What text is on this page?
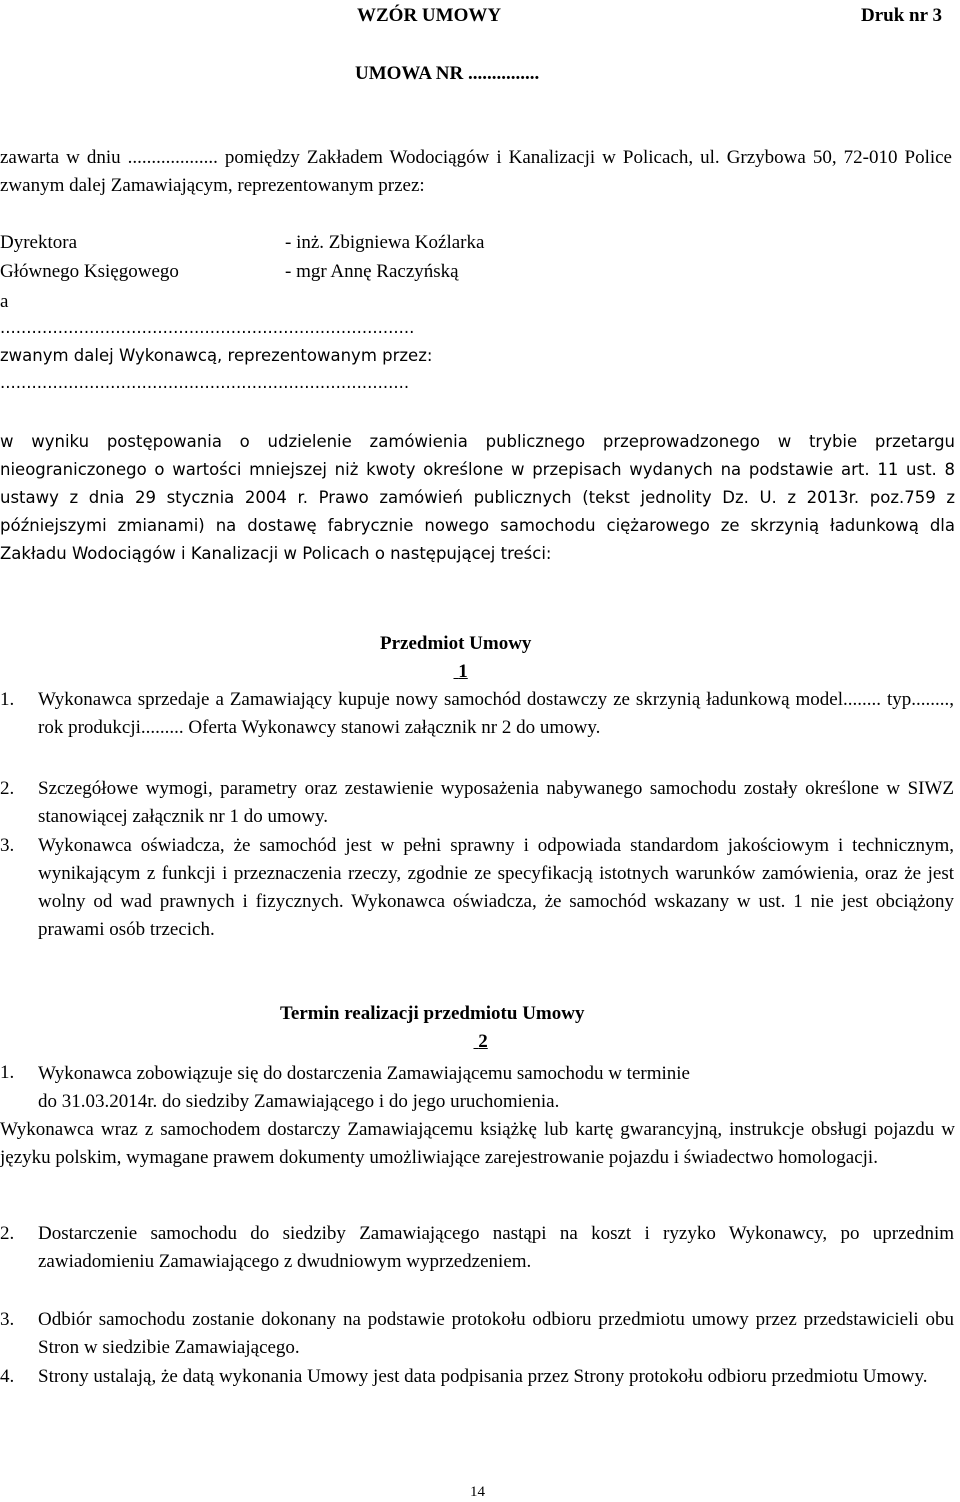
WZÓR UMOWY	Druk nr 3
UMOWA NR ...............
zawarta w dniu ................... pomiędzy Zakładem Wodociągów i Kanalizacji w Policach, ul. Grzybowa 50, 72-010 Police zwanym dalej Zamawiającym, reprezentowanym przez:
Dyrektora	- inż. Zbigniewa Koźlarka
Głównego Księgowego	- mgr Annę Raczyńską
a
...............................................................................
zwanym dalej Wykonawcą, reprezentowanym przez:
..............................................................................
w wyniku postępowania o udzielenie zamówienia publicznego przeprowadzonego w trybie przetargu nieograniczonego o wartości mniejszej niż kwoty określone w przepisach wydanych na podstawie art. 11 ust. 8 ustawy z dnia 29 stycznia 2004 r. Prawo zamówień publicznych (tekst jednolity Dz. U. z 2013r. poz.759 z późniejszymi zmianami) na dostawę fabrycznie nowego samochodu ciężarowego ze skrzynią ładunkową dla Zakładu Wodociągów i Kanalizacji w Policach o następującej treści:
Przedmiot Umowy
1
1. Wykonawca sprzedaje a Zamawiający kupuje nowy samochód dostawczy ze skrzynią ładunkową model........ typ........, rok produkcji......... Oferta Wykonawcy stanowi załącznik nr 2 do umowy.
2. Szczegółowe wymogi, parametry oraz zestawienie wyposażenia nabywanego samochodu zostały określone w SIWZ stanowiącej załącznik nr 1 do umowy.
3. Wykonawca oświadcza, że samochód jest w pełni sprawny i odpowiada standardom jakościowym i technicznym, wynikającym z funkcji i przeznaczenia rzeczy, zgodnie ze specyfikacją istotnych warunków zamówienia, oraz że jest wolny od wad prawnych i fizycznych. Wykonawca oświadcza, że samochód wskazany w ust. 1 nie jest obciążony prawami osób trzecich.
Termin realizacji przedmiotu Umowy
2
1. Wykonawca zobowiązuje się do dostarczenia Zamawiającemu samochodu w terminie
do 31.03.2014r. do siedziby Zamawiającego i do jego uruchomienia.
Wykonawca wraz z samochodem dostarczy Zamawiającemu książkę lub kartę gwarancyjną, instrukcje obsługi pojazdu w języku polskim, wymagane prawem dokumenty umożliwiające zarejestrowanie pojazdu i świadectwo homologacji.
2. Dostarczenie samochodu do siedziby Zamawiającego nastąpi na koszt i ryzyko Wykonawcy, po uprzednim zawiadomieniu Zamawiającego z dwudniowym wyprzedzeniem.
3. Odbiór samochodu zostanie dokonany na podstawie protokołu odbioru przedmiotu umowy przez przedstawicieli obu Stron w siedzibie Zamawiającego.
4. Strony ustalają, że datą wykonania Umowy jest data podpisania przez Strony protokołu odbioru przedmiotu Umowy.
14
